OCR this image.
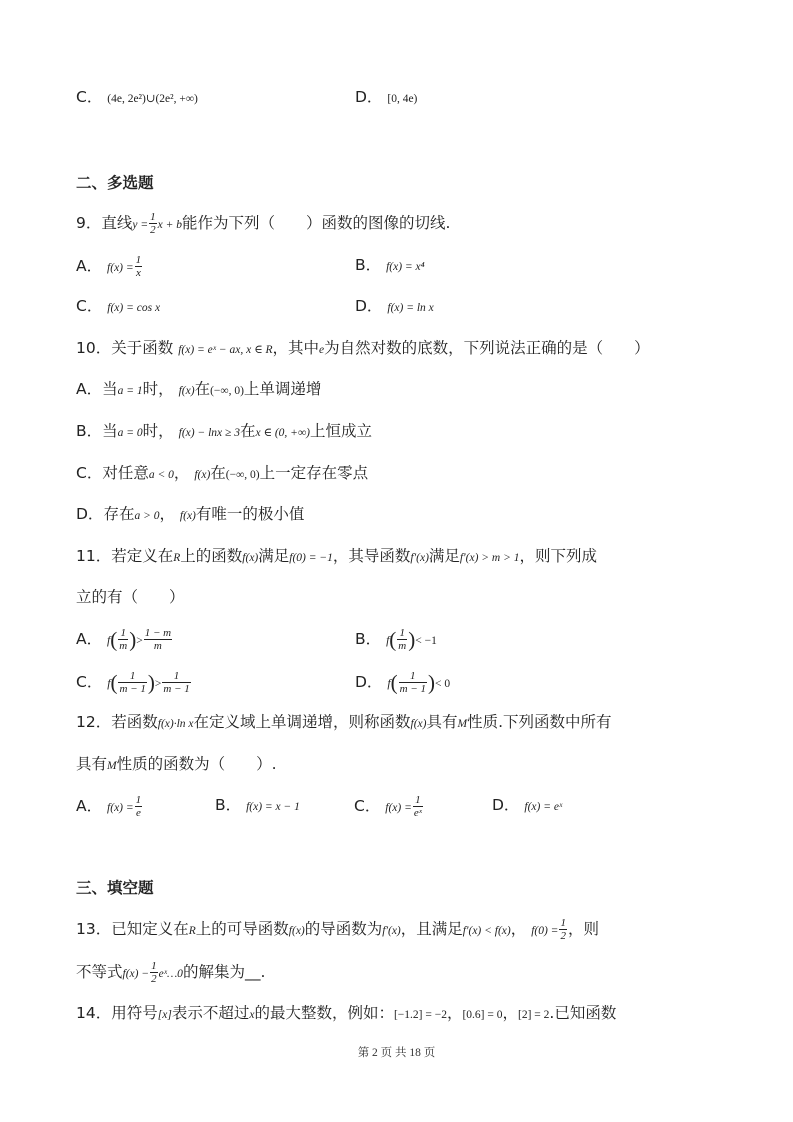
C． (4e, 2e²)∪(2e², +∞)	D． [0, 4e)
二、多选题
9．直线$y = \frac{1}{2}$ x + b能作为下列（　　）函数的图像的切线.
A． $f(x) = \frac{1}{x}$	B． f(x) = x⁴
C． f(x) = cos x	D． f(x) = ln x
10．关于函数 f(x) = eˣ − ax, x ∈ R，其中e为自然对数的底数，下列说法正确的是（　　）
A．当a = 1时， f(x)在(−∞, 0)上单调递增
B．当a = 0时， f(x) − lnx ≥ 3在x ∈ (0, +∞)上恒成立
C．对任意a < 0， f(x)在(−∞, 0)上一定存在零点
D．存在a > 0， f(x)有唯一的极小值
11．若定义在R上的函数f(x)满足f(0) = −1，其导函数f′(x)满足f′(x) > m > 1，则下列成
立的有（　　）
A． $f( \frac{1}{m}$ )> $\frac{1 - m}{m}$	B． $f( \frac{1}{m}$ )< −1
C． $f( \frac{1}{m - 1}$ )> $\frac{1}{m - 1}$	D． $f( \frac{1}{m - 1}$ )< 0
12．若函数f(x)·ln x在定义域上单调递增，则称函数f(x)具有M性质.下列函数中所有
具有M性质的函数为（　　）.
A． $f(x) = \frac{1}{e}$	B． f(x) = x − 1	C． $f(x) = \frac{1}{\text{eˣ}}$	D． f(x) = eˣ
三、填空题
13．已知定义在R上的可导函数f(x)的导函数为f′(x)，且满足f′(x) < f(x)， $f(0) = \frac{1}{2}$ ，则
不等式$f(x) - \frac{1}{2}$ eˣ…0的解集为__.
14．用符号[x]表示不超过x的最大整数，例如：[−1.2] = −2，[0.6] = 0，[2] = 2.已知函数
第 2 页 共 18 页
